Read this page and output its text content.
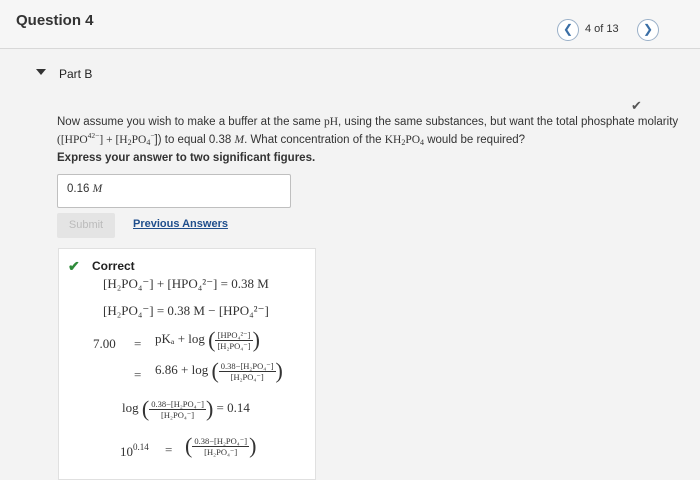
Question 4	❮	4 of 13	❯
Part B
✔
Now assume you wish to make a buffer at the same pH, using the same substances, but want the total phosphate molarity
$([HPO^{42-}] + [H_2PO_4^-])$ to equal 0.38 M. What concentration of the $KH_2PO_4$ would be required?
Express your answer to two significant figures.
0.16 M
Submit	Previous Answers
✔ Correct
[H₂PO₄⁻] + [HPO₄²⁻] = 0.38 M
[H₂PO₄⁻] = 0.38 M − [HPO₄²⁻]
7.00 = pKₐ + log ( $\frac{\text{[HPO₄²⁻]}}{\text{[H₂PO₄⁻]}}$ )
= 6.86 + log ( $\frac{\text{0.38−[H₂PO₄⁻]}}{\text{[H₂PO₄⁻]}}$ )
log ( $\frac{\text{0.38−[H₂PO₄⁻]}}{\text{[H₂PO₄⁻]}}$ ) = 0.14
$10^{0.14}$ = ( $\frac{\text{0.38−[H₂PO₄⁻]}}{\text{[H₂PO₄⁻]}}$ )
